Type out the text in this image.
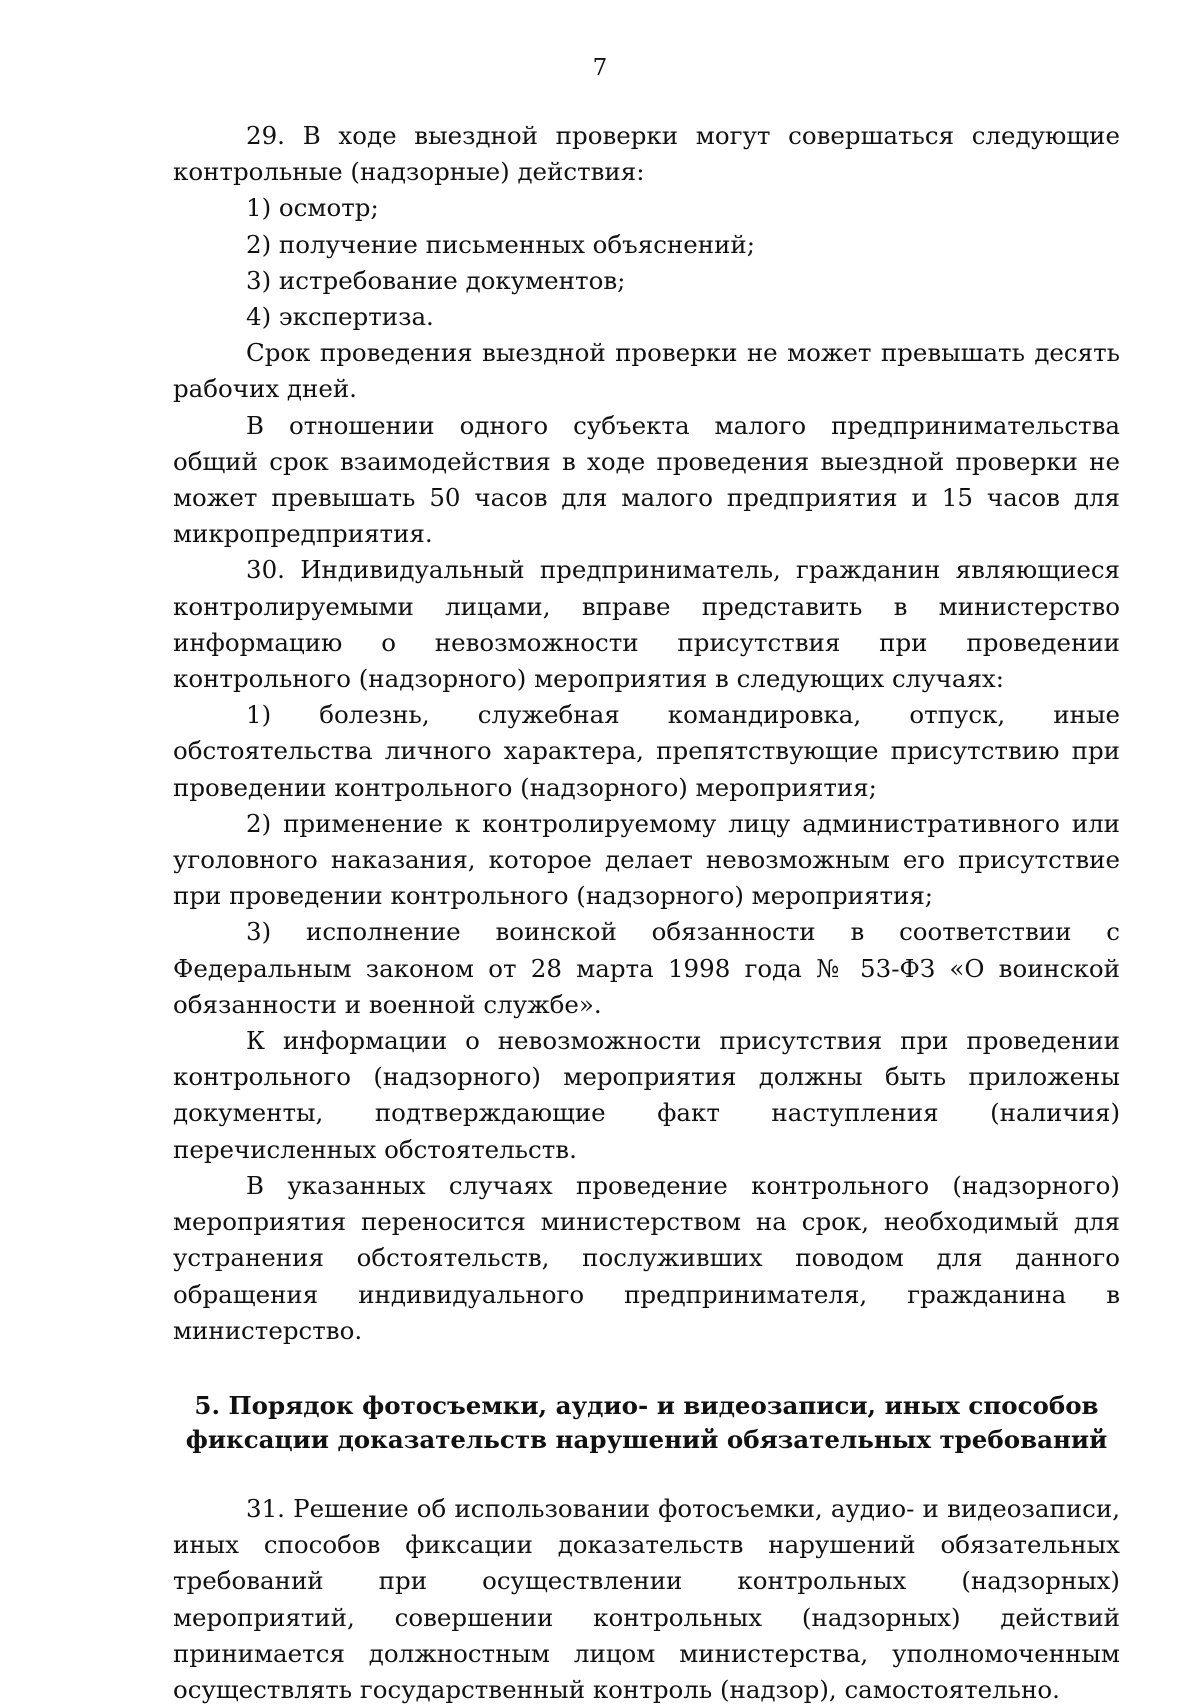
7

29. В ходе выездной проверки могут совершаться следующие контрольные (надзорные) действия:

1) осмотр;

2) получение письменных объяснений;

3) истребование документов;

4) экспертиза.

Срок проведения выездной проверки не может превышать десять рабочих дней.

В отношении одного субъекта малого предпринимательства общий срок взаимодействия в ходе проведения выездной проверки не может превышать 50 часов для малого предприятия и 15 часов для микропредприятия.

30. Индивидуальный предприниматель, гражданин являющиеся контролируемыми лицами, вправе представить в министерство информацию о невозможности присутствия при проведении контрольного (надзорного) мероприятия в следующих случаях:

1) болезнь, служебная командировка, отпуск, иные обстоятельства личного характера, препятствующие присутствию при проведении контрольного (надзорного) мероприятия;

2) применение к контролируемому лицу административного или уголовного наказания, которое делает невозможным его присутствие при проведении контрольного (надзорного) мероприятия;

3) исполнение воинской обязанности в соответствии с Федеральным законом от 28 марта 1998 года № 53-ФЗ «О воинской обязанности и военной службе».

К информации о невозможности присутствия при проведении контрольного (надзорного) мероприятия должны быть приложены документы, подтверждающие факт наступления (наличия) перечисленных обстоятельств.

В указанных случаях проведение контрольного (надзорного) мероприятия переносится министерством на срок, необходимый для устранения обстоятельств, послуживших поводом для данного обращения индивидуального предпринимателя, гражданина в министерство.

5. Порядок фотосъемки, аудио- и видеозаписи, иных способов
фиксации доказательств нарушений обязательных требований

31. Решение об использовании фотосъемки, аудио- и видеозаписи, иных способов фиксации доказательств нарушений обязательных требований при осуществлении контрольных (надзорных) мероприятий, совершении контрольных (надзорных) действий принимается должностным лицом министерства, уполномоченным осуществлять государственный контроль (надзор), самостоятельно.
